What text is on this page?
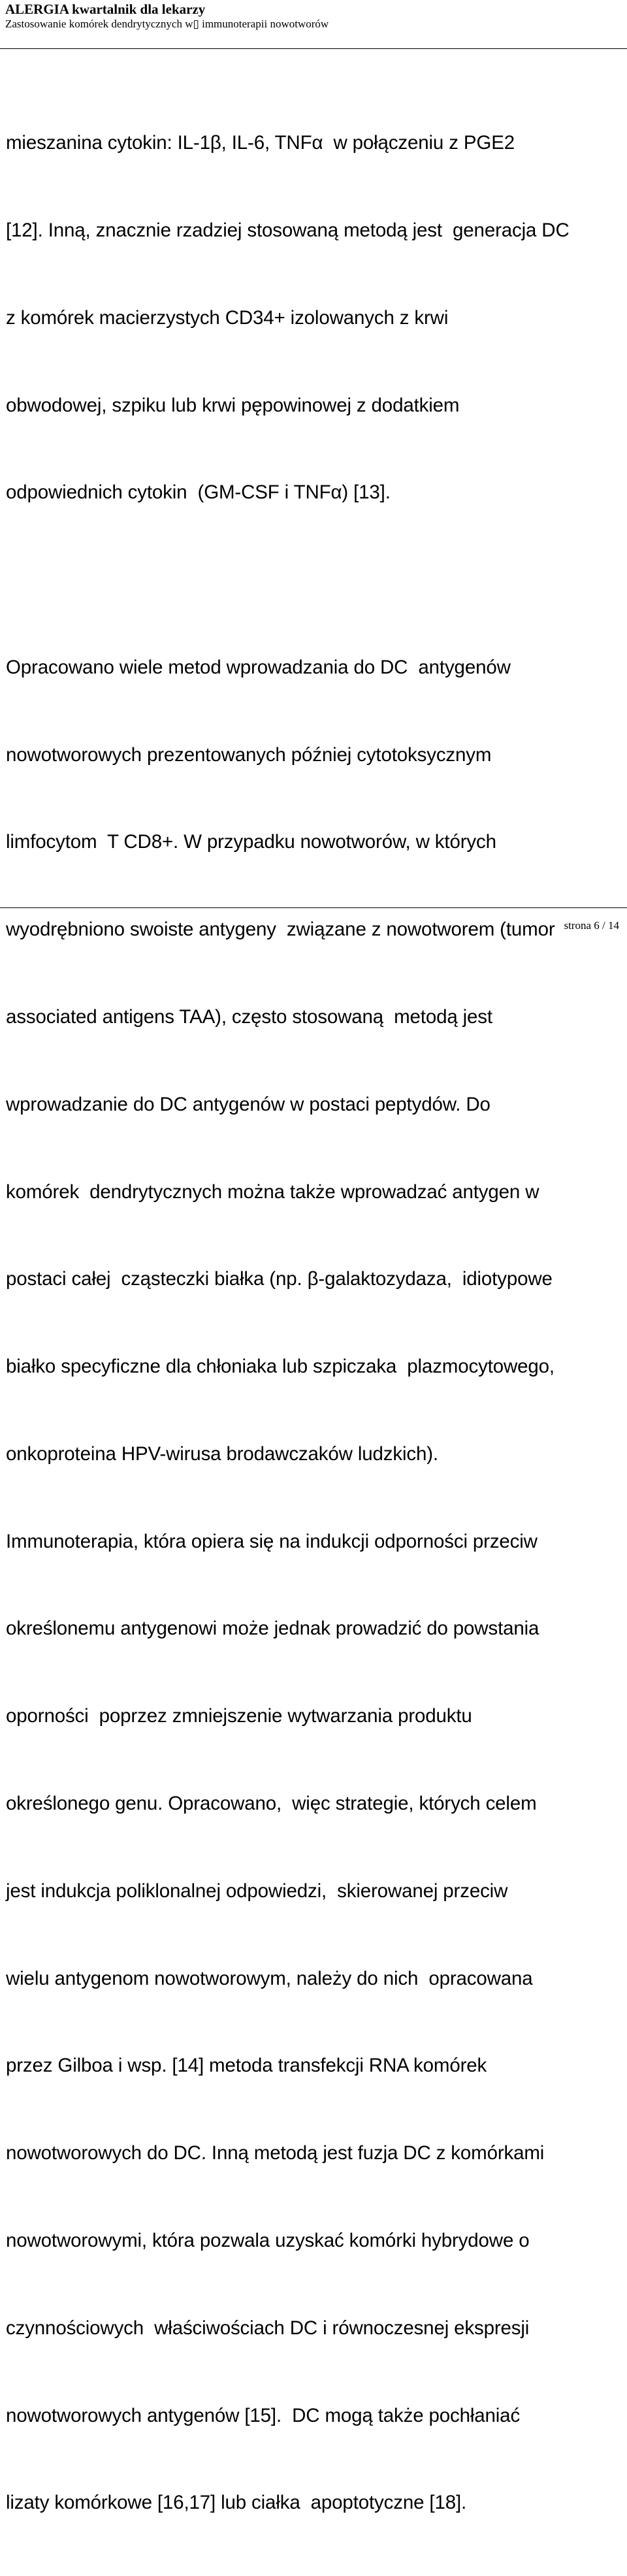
ALERGIA kwartalnik dla lekarzy

Zastosowanie komórek dendrytycznych w▯ immunoterapii nowotworów

mieszanina cytokin: IL-1β, IL-6, TNFα  w połączeniu z PGE2

[12]. Inną, znacznie rzadziej stosowaną metodą jest  generacja DC

z komórek macierzystych CD34+ izolowanych z krwi

obwodowej, szpiku lub krwi pępowinowej z dodatkiem

odpowiednich cytokin  (GM-CSF i TNFα) [13].

Opracowano wiele metod wprowadzania do DC  antygenów

nowotworowych prezentowanych później cytotoksycznym

limfocytom  T CD8+. W przypadku nowotworów, w których

wyodrębniono swoiste antygeny  związane z nowotworem (tumor

associated antigens TAA), często stosowaną  metodą jest

wprowadzanie do DC antygenów w postaci peptydów. Do

komórek  dendrytycznych można także wprowadzać antygen w

postaci całej  cząsteczki białka (np. β-galaktozydaza,  idiotypowe

białko specyficzne dla chłoniaka lub szpiczaka  plazmocytowego,

onkoproteina HPV-wirusa brodawczaków ludzkich).

Immunoterapia, która opiera się na indukcji odporności przeciw

określonemu antygenowi może jednak prowadzić do powstania

oporności  poprzez zmniejszenie wytwarzania produktu

określonego genu. Opracowano,  więc strategie, których celem

jest indukcja poliklonalnej odpowiedzi,  skierowanej przeciw

wielu antygenom nowotworowym, należy do nich  opracowana

przez Gilboa i wsp. [14] metoda transfekcji RNA komórek

nowotworowych do DC. Inną metodą jest fuzja DC z komórkami

nowotworowymi, która pozwala uzyskać komórki hybrydowe o

czynnościowych  właściwościach DC i równoczesnej ekspresji

nowotworowych antygenów [15].  DC mogą także pochłaniać

lizaty komórkowe [16,17] lub ciałka  apoptotyczne [18].

strona 6 / 14
